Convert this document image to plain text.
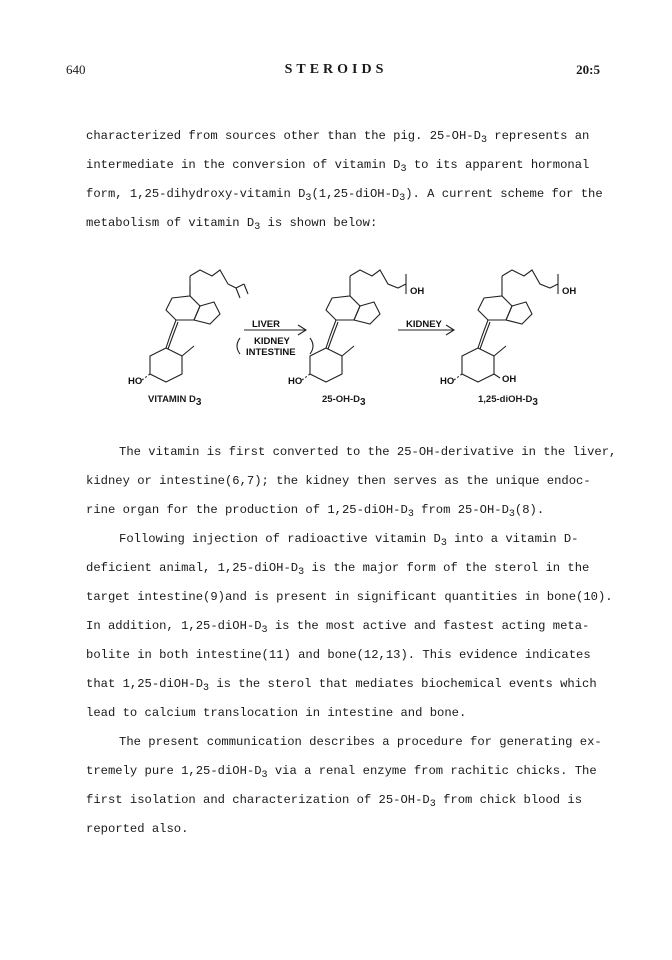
640	STEROIDS	20:5
characterized from sources other than the pig. $25-OH-D_3$ represents an
intermediate in the conversion of vitamin $D_3$ to its apparent hormonal
form, 1,25-dihydroxy-vitamin $D_3(1,25-diOH-D_3)$. A current scheme for the
metabolism of vitamin $D_3$ is shown below:
LIVER
KIDNEY
INTESTINE
KIDNEY
HO	HO	HO
OH	OH
OH
VITAMIN $D_3$	$25-OH-D_3$	$1,25-diOH-D_3$
The vitamin is first converted to the 25-OH-derivative in the liver,
kidney or intestine(6,7); the kidney then serves as the unique endoc-
rine organ for the production of $1,25-diOH-D_3$ from $25-OH-D_3(8)$.
Following injection of radioactive vitamin $D_3$ into a vitamin D-
deficient animal, $1,25-diOH-D_3$ is the major form of the sterol in the
target intestine(9)and is present in significant quantities in bone(10).
In addition, $1,25-diOH-D_3$ is the most active and fastest acting meta-
bolite in both intestine(11) and bone(12,13). This evidence indicates
that $1,25-diOH-D_3$ is the sterol that mediates biochemical events which
lead to calcium translocation in intestine and bone.
The present communication describes a procedure for generating ex-
tremely pure $1,25-diOH-D_3$ via a renal enzyme from rachitic chicks. The
first isolation and characterization of $25-OH-D_3$ from chick blood is
reported also.
